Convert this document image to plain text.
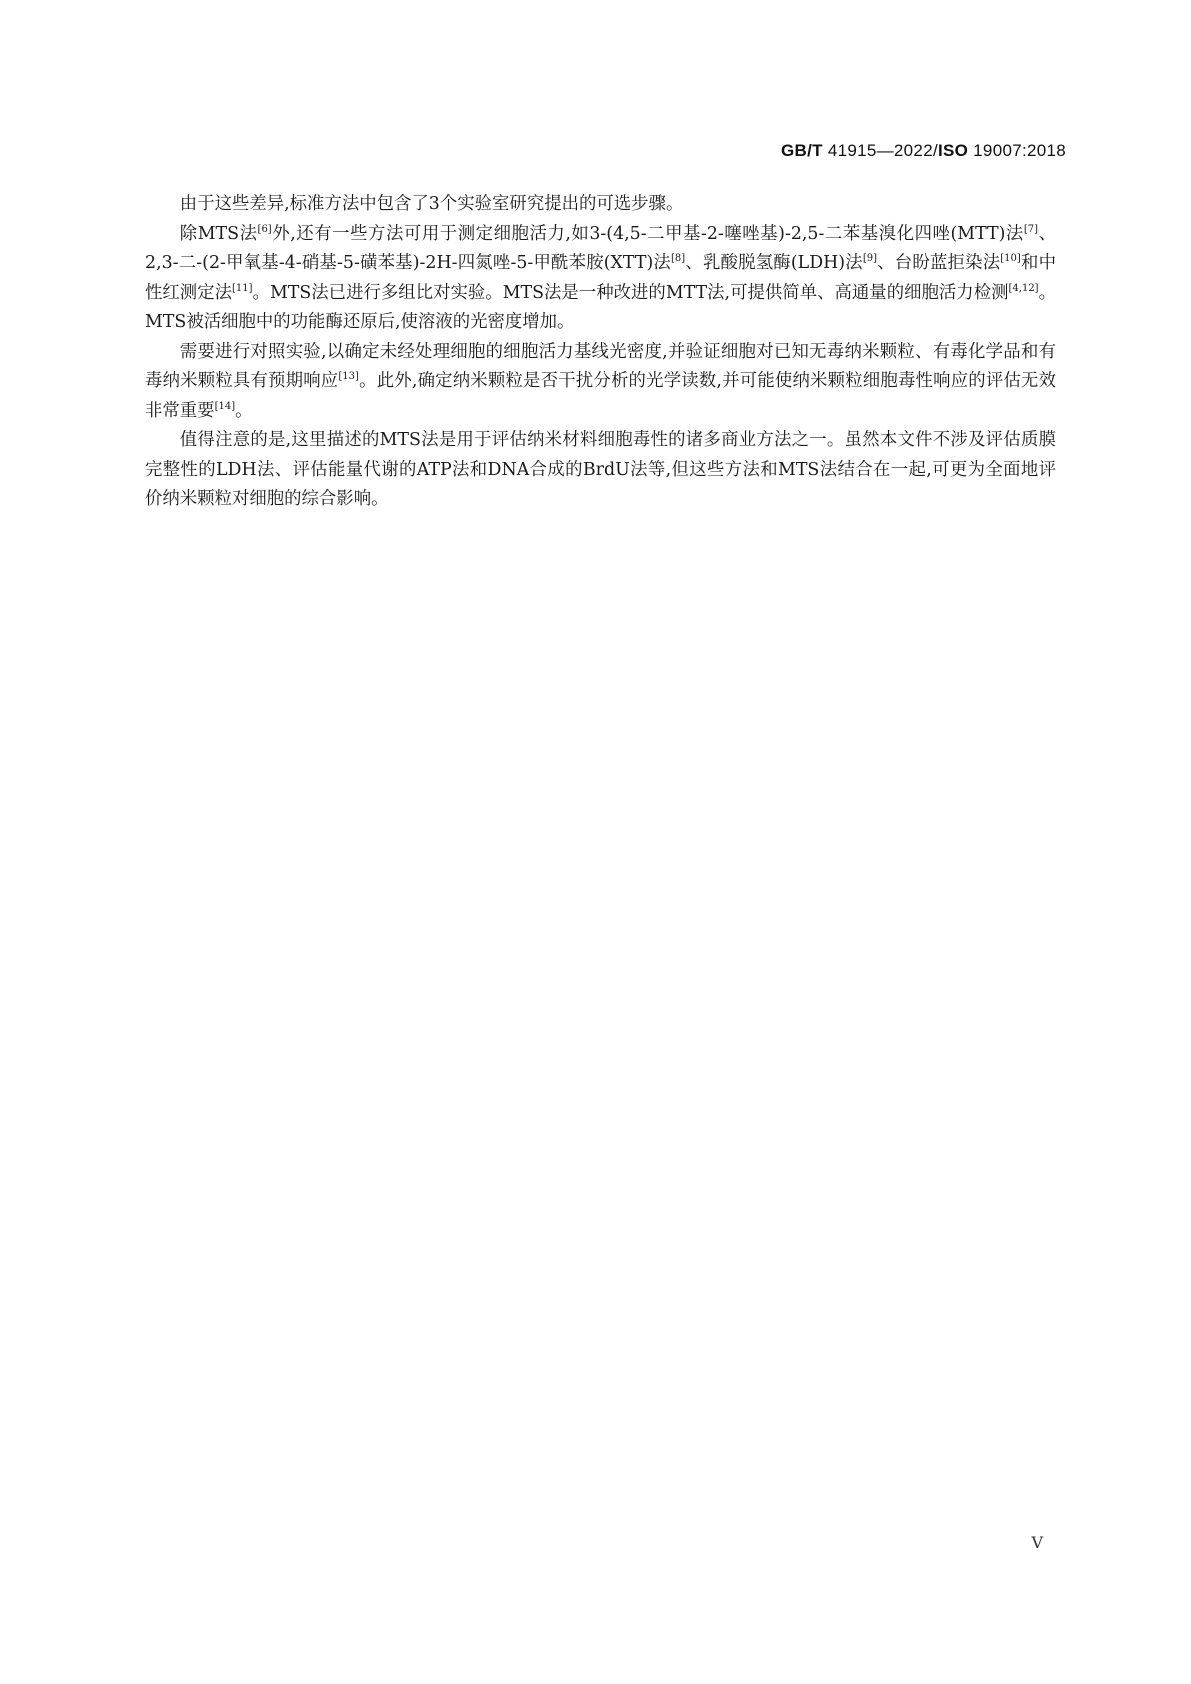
GB/T 41915—2022/ISO 19007:2018

由于这些差异,标准方法中包含了3个实验室研究提出的可选步骤。

除MTS法[6]外,还有一些方法可用于测定细胞活力,如3-(4,5-二甲基-2-噻唑基)-2,5-二苯基溴化四唑(MTT)法[7]、2,3-二-(2-甲氧基-4-硝基-5-磺苯基)-2H-四氮唑-5-甲酰苯胺(XTT)法[8]、乳酸脱氢酶(LDH)法[9]、台盼蓝拒染法[10]和中性红测定法[11]。MTS法已进行多组比对实验。MTS法是一种改进的MTT法,可提供简单、高通量的细胞活力检测[4,12]。MTS被活细胞中的功能酶还原后,使溶液的光密度增加。

需要进行对照实验,以确定未经处理细胞的细胞活力基线光密度,并验证细胞对已知无毒纳米颗粒、有毒化学品和有毒纳米颗粒具有预期响应[13]。此外,确定纳米颗粒是否干扰分析的光学读数,并可能使纳米颗粒细胞毒性响应的评估无效非常重要[14]。

值得注意的是,这里描述的MTS法是用于评估纳米材料细胞毒性的诸多商业方法之一。虽然本文件不涉及评估质膜完整性的LDH法、评估能量代谢的ATP法和DNA合成的BrdU法等,但这些方法和MTS法结合在一起,可更为全面地评价纳米颗粒对细胞的综合影响。

V
